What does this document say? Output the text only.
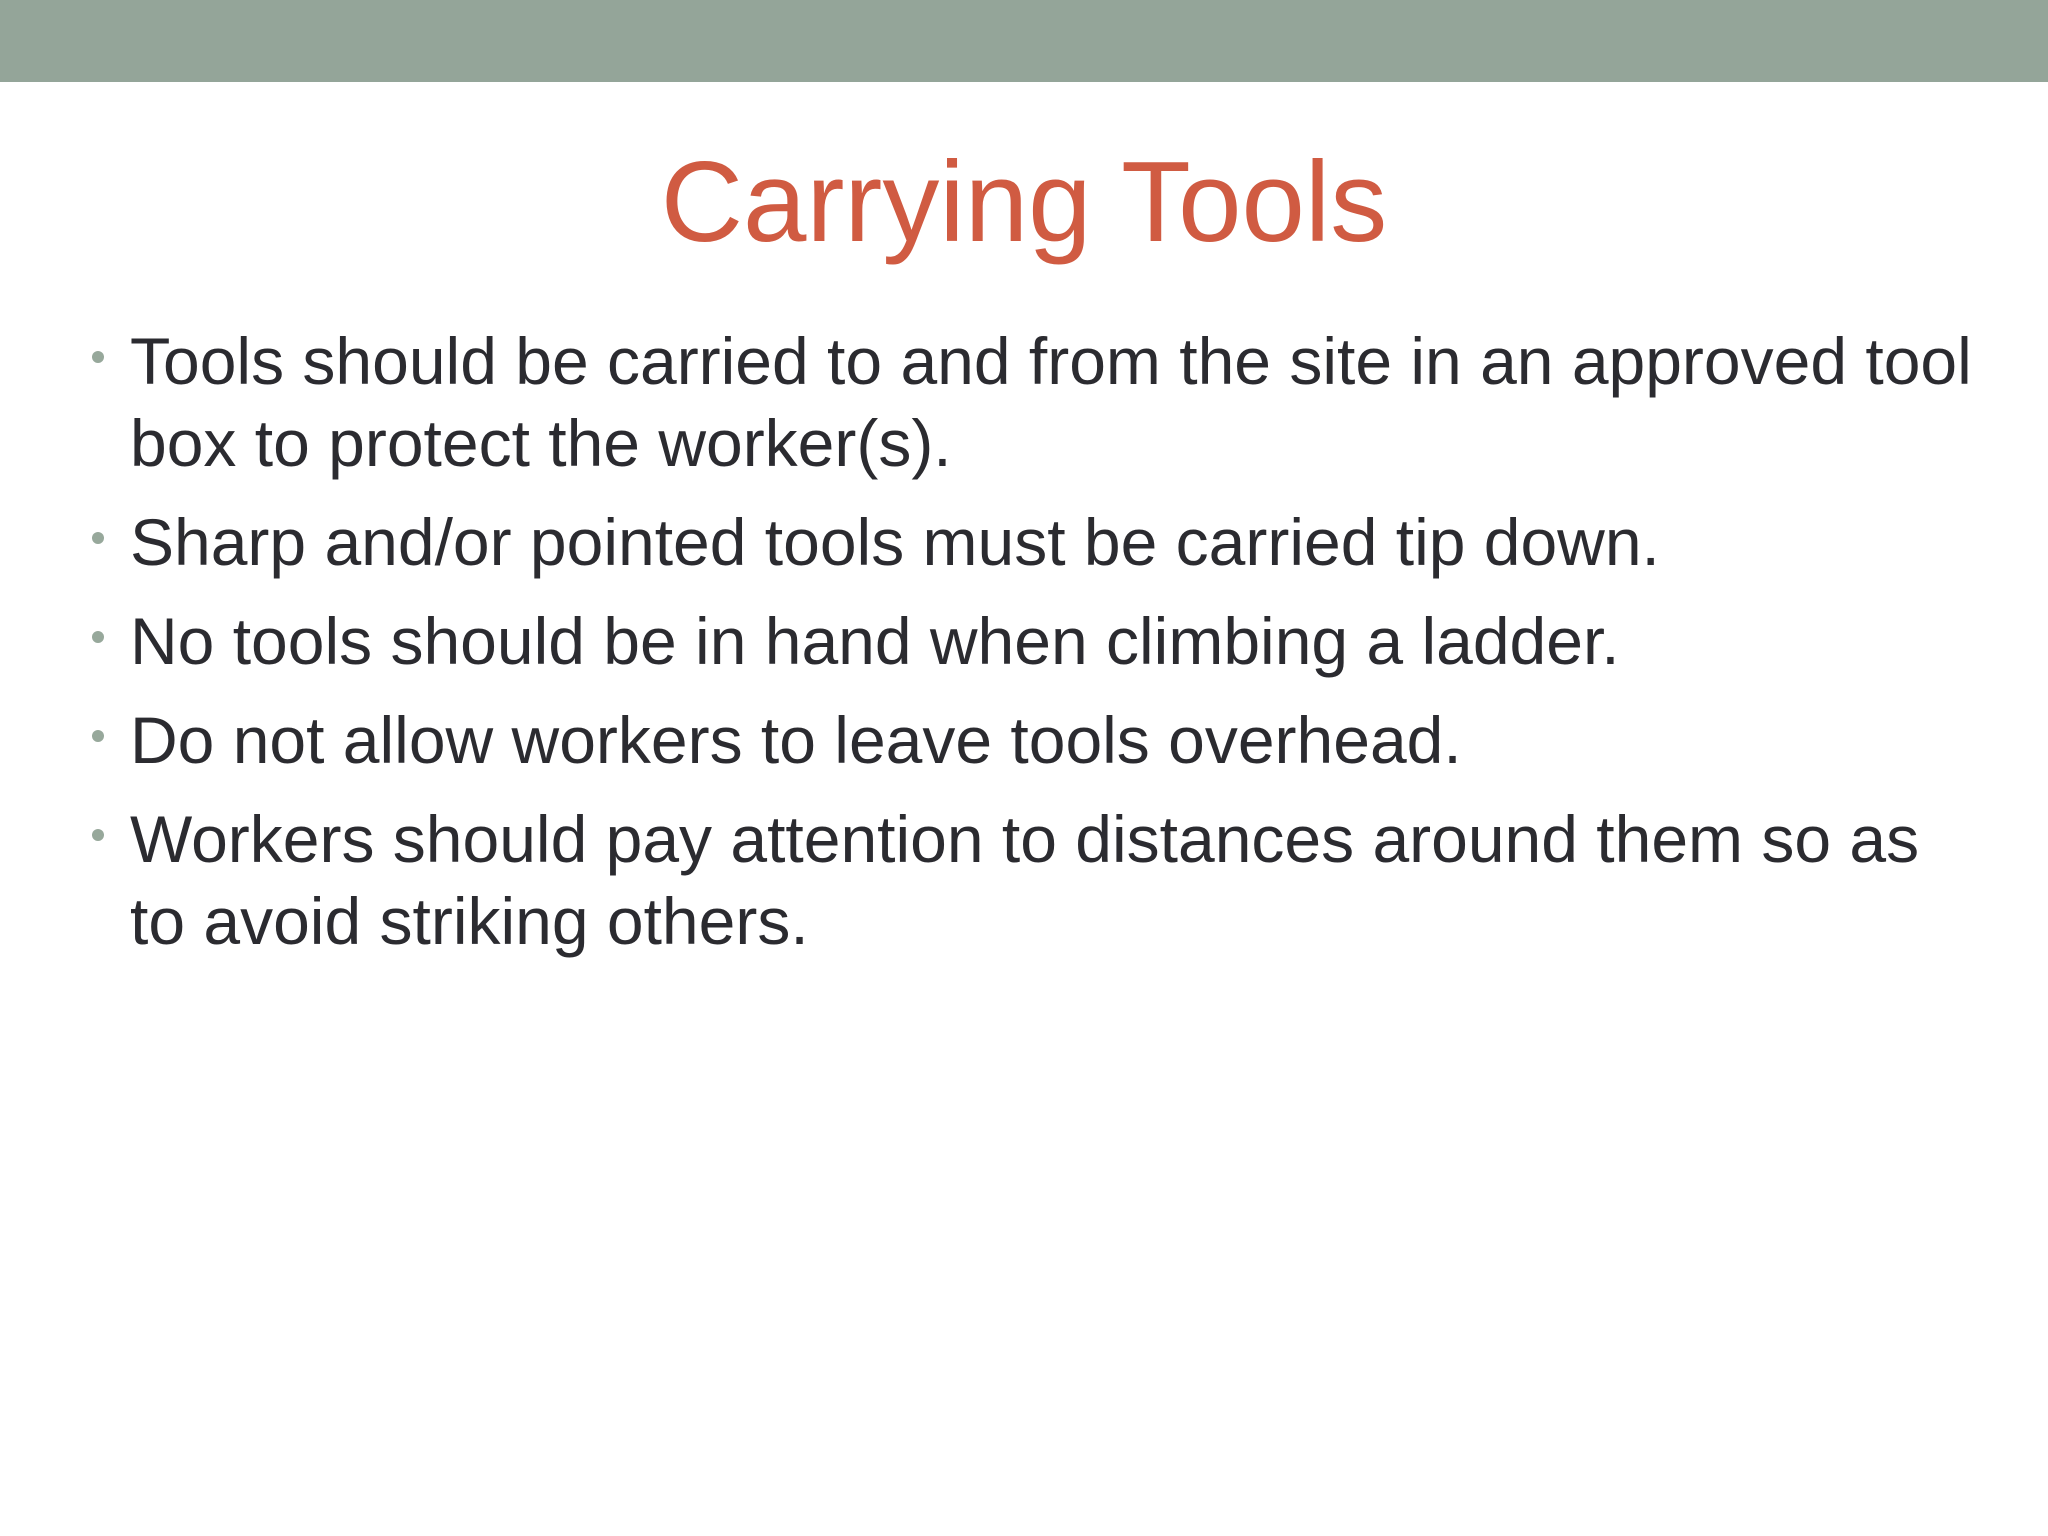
Carrying Tools
Tools should be carried to and from the site in an approved tool box to protect the worker(s).
Sharp and/or pointed tools must be carried tip down.
No tools should be in hand when climbing a ladder.
Do not allow workers to leave tools overhead.
Workers should pay attention to distances around them so as to avoid striking others.
